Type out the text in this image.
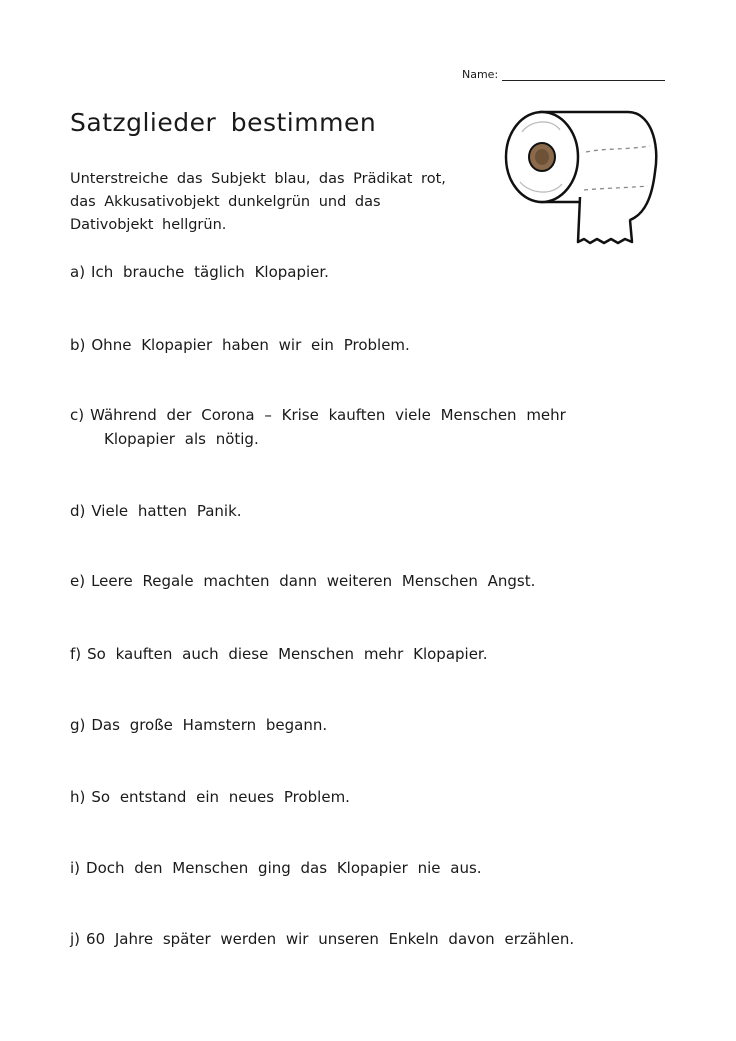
Name:
Satzglieder bestimmen
Unterstreiche das Subjekt blau, das Prädikat rot,
das Akkusativobjekt dunkelgrün und das
Dativobjekt hellgrün.
a) Ich brauche täglich Klopapier.
b) Ohne Klopapier haben wir ein Problem.
c) Während der Corona – Krise kauften viele Menschen mehr
Klopapier als nötig.
d) Viele hatten Panik.
e) Leere Regale machten dann weiteren Menschen Angst.
f) So kauften auch diese Menschen mehr Klopapier.
g) Das große Hamstern begann.
h) So entstand ein neues Problem.
i) Doch den Menschen ging das Klopapier nie aus.
j) 60 Jahre später werden wir unseren Enkeln davon erzählen.
